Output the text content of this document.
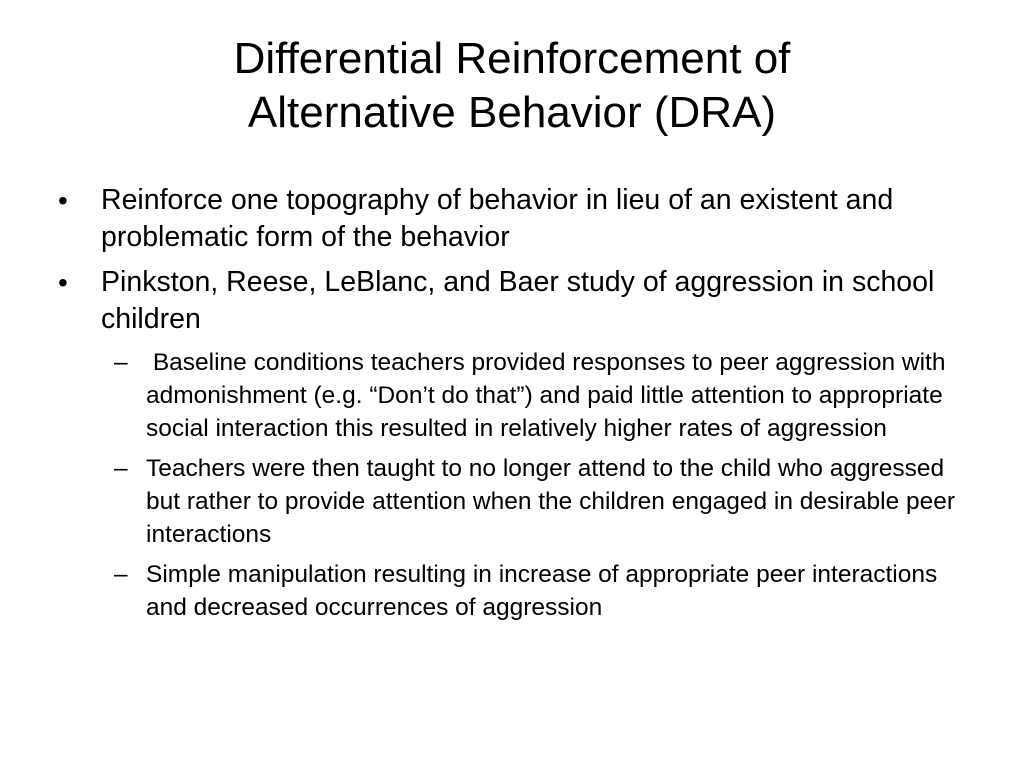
Differential Reinforcement of
Alternative Behavior (DRA)
• Reinforce one topography of behavior in lieu of an existent and problematic form of the behavior
• Pinkston, Reese, LeBlanc, and Baer study of aggression in school children
– Baseline conditions teachers provided responses to peer aggression with admonishment (e.g. “Don’t do that”) and paid little attention to appropriate social interaction this resulted in relatively higher rates of aggression
– Teachers were then taught to no longer attend to the child who aggressed but rather to provide attention when the children engaged in desirable peer interactions
– Simple manipulation resulting in increase of appropriate peer interactions and decreased occurrences of aggression
